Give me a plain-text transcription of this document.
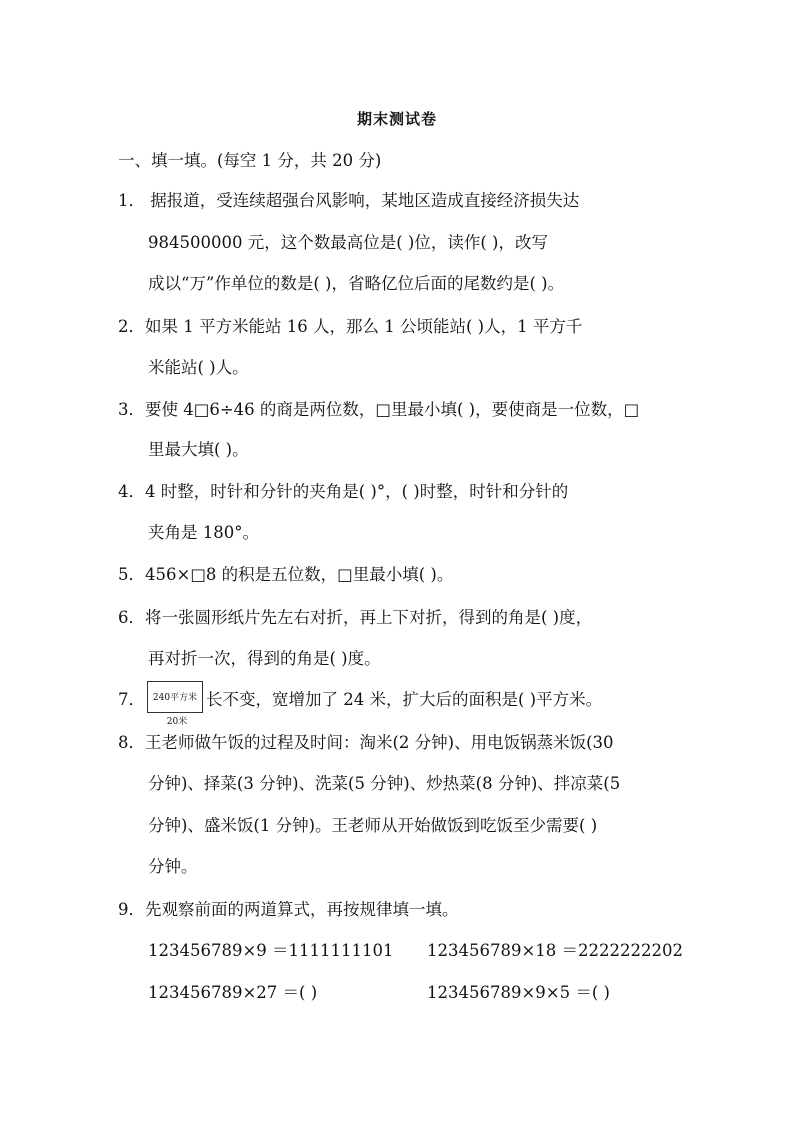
期末测试卷
一、填一填。(每空 1 分，共 20 分)
1． 据报道，受连续超强台风影响，某地区造成直接经济损失达
984500000 元，这个数最高位是( )位，读作( )，改写
成以“万”作单位的数是( )，省略亿位后面的尾数约是( )。
2．如果 1 平方米能站 16 人，那么 1 公顷能站( )人，1 平方千
米能站( )人。
3．要使 4□6÷46 的商是两位数，□里最小填( )，要使商是一位数，□
里最大填( )。
4．4 时整，时针和分针的夹角是( )°，( )时整，时针和分针的
夹角是 180°。
5．456×□8 的积是五位数，□里最小填( )。
6．将一张圆形纸片先左右对折，再上下对折，得到的角是( )度，
再对折一次，得到的角是( )度。
7． 240平方米
20米
长不变，宽增加了 24 米，扩大后的面积是( )平方米。
8．王老师做午饭的过程及时间：淘米(2 分钟)、用电饭锅蒸米饭(30
分钟)、择菜(3 分钟)、洗菜(5 分钟)、炒热菜(8 分钟)、拌凉菜(5
分钟)、盛米饭(1 分钟)。王老师从开始做饭到吃饭至少需要( )
分钟。
9．先观察前面的两道算式，再按规律填一填。
123456789×9 ＝1111111101 123456789×18 ＝2222222202
123456789×27 ＝( )	123456789×9×5 ＝( )
